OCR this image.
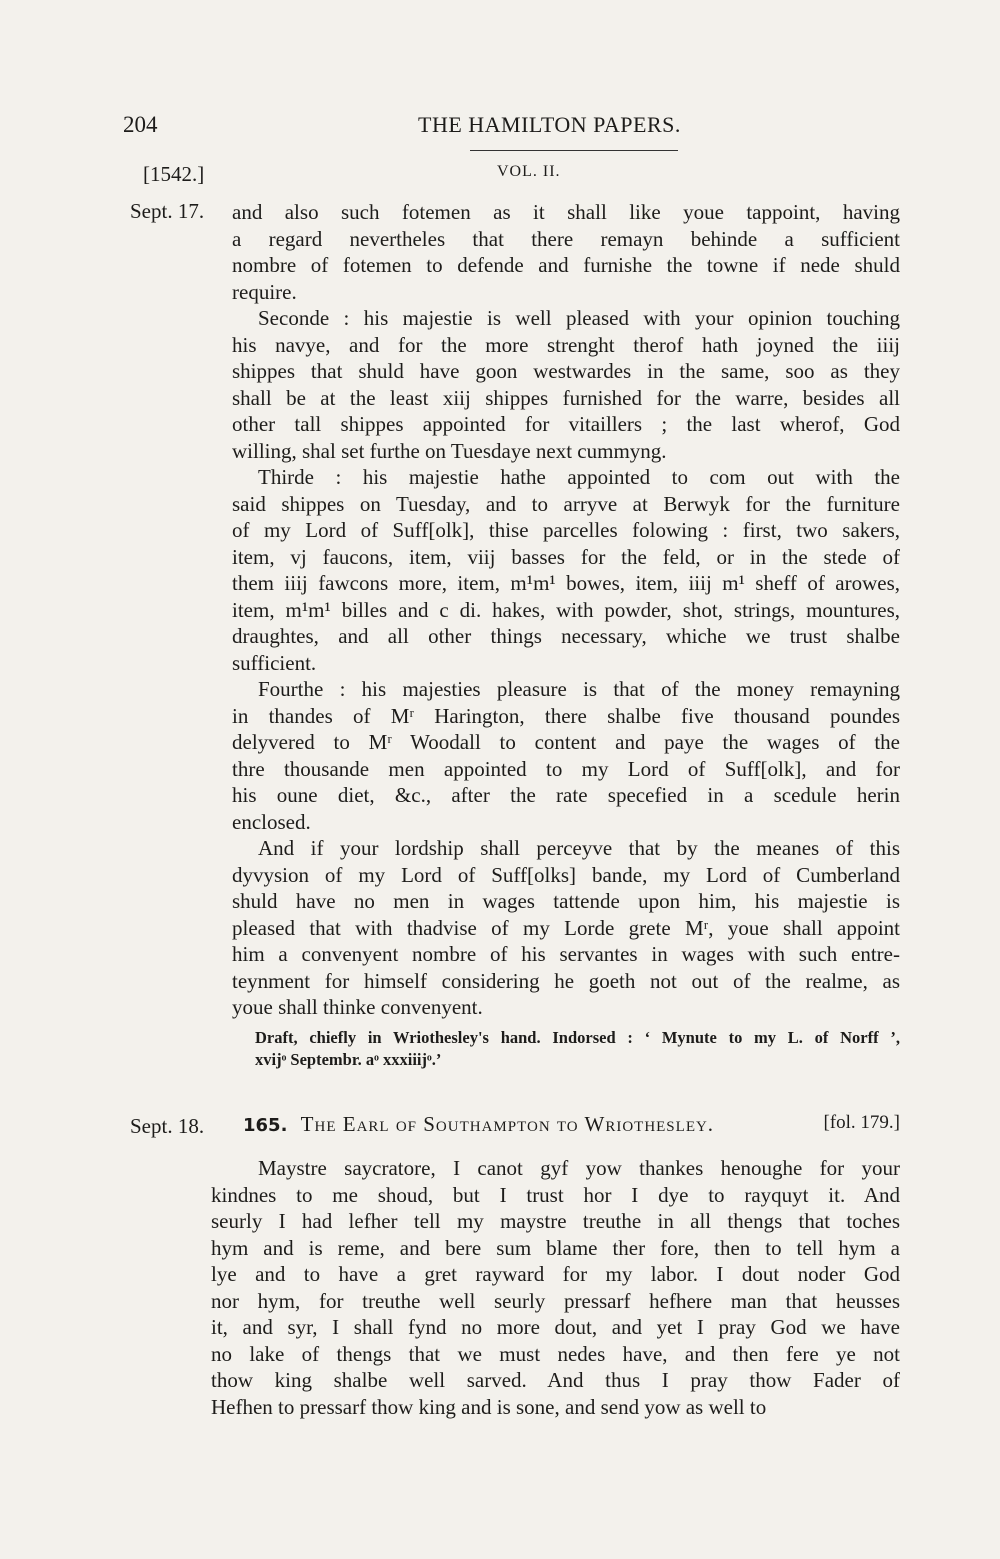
204	THE HAMILTON PAPERS.
[1542.]	VOL. II.
Sept. 17. and also such fotemen as it shall like youe tappoint, having
a regard nevertheles that there remayn behinde a sufficient
nombre of fotemen to defende and furnishe the towne if nede shuld
require.
Seconde : his majestie is well pleased with your opinion touching
his navye, and for the more strenght therof hath joyned the iiij
shippes that shuld have goon westwardes in the same, soo as they
shall be at the least xiij shippes furnished for the warre, besides all
other tall shippes appointed for vitaillers ; the last wherof, God
willing, shal set furthe on Tuesdaye next cummyng.
Thirde : his majestie hathe appointed to com out with the
said shippes on Tuesday, and to arryve at Berwyk for the furniture
of my Lord of Suff[olk], thise parcelles folowing : first, two sakers,
item, vj faucons, item, viij basses for the feld, or in the stede of
them iiij fawcons more, item, m¹m¹ bowes, item, iiij m¹ sheff of arowes,
item, m¹m¹ billes and c di. hakes, with powder, shot, strings, mountures,
draughtes, and all other things necessary, whiche we trust shalbe
sufficient.
Fourthe : his majesties pleasure is that of the money remayning
in thandes of Mʳ Harington, there shalbe five thousand poundes
delyvered to Mʳ Woodall to content and paye the wages of the
thre thousande men appointed to my Lord of Suff[olk], and for
his oune diet, &c., after the rate specefied in a scedule herin
enclosed.
And if your lordship shall perceyve that by the meanes of this
dyvysion of my Lord of Suff[olks] bande, my Lord of Cumberland
shuld have no men in wages tattende upon him, his majestie is
pleased that with thadvise of my Lorde grete Mʳ, youe shall appoint
him a convenyent nombre of his servantes in wages with such entre-
teynment for himself considering he goeth not out of the realme, as
youe shall thinke convenyent.
Draft, chiefly in Wriothesley's hand. Indorsed : ‘ Mynute to my L. of Norff ’,
xvijᵒ Septembr. aᵒ xxxiiijᵒ.’
Sept. 18. 165. The Earl of Southampton to Wriothesley.	[fol. 179.]
Maystre saycratore, I canot gyf yow thankes henoughe for your
kindnes to me shoud, but I trust hor I dye to rayquyt it. And
seurly I had lefher tell my maystre treuthe in all thengs that toches
hym and is reme, and bere sum blame ther fore, then to tell hym a
lye and to have a gret rayward for my labor. I dout noder God
nor hym, for treuthe well seurly pressarf hefhere man that heusses
it, and syr, I shall fynd no more dout, and yet I pray God we have
no lake of thengs that we must nedes have, and then fere ye not
thow king shalbe well sarved. And thus I pray thow Fader of
Hefhen to pressarf thow king and is sone, and send yow as well to
